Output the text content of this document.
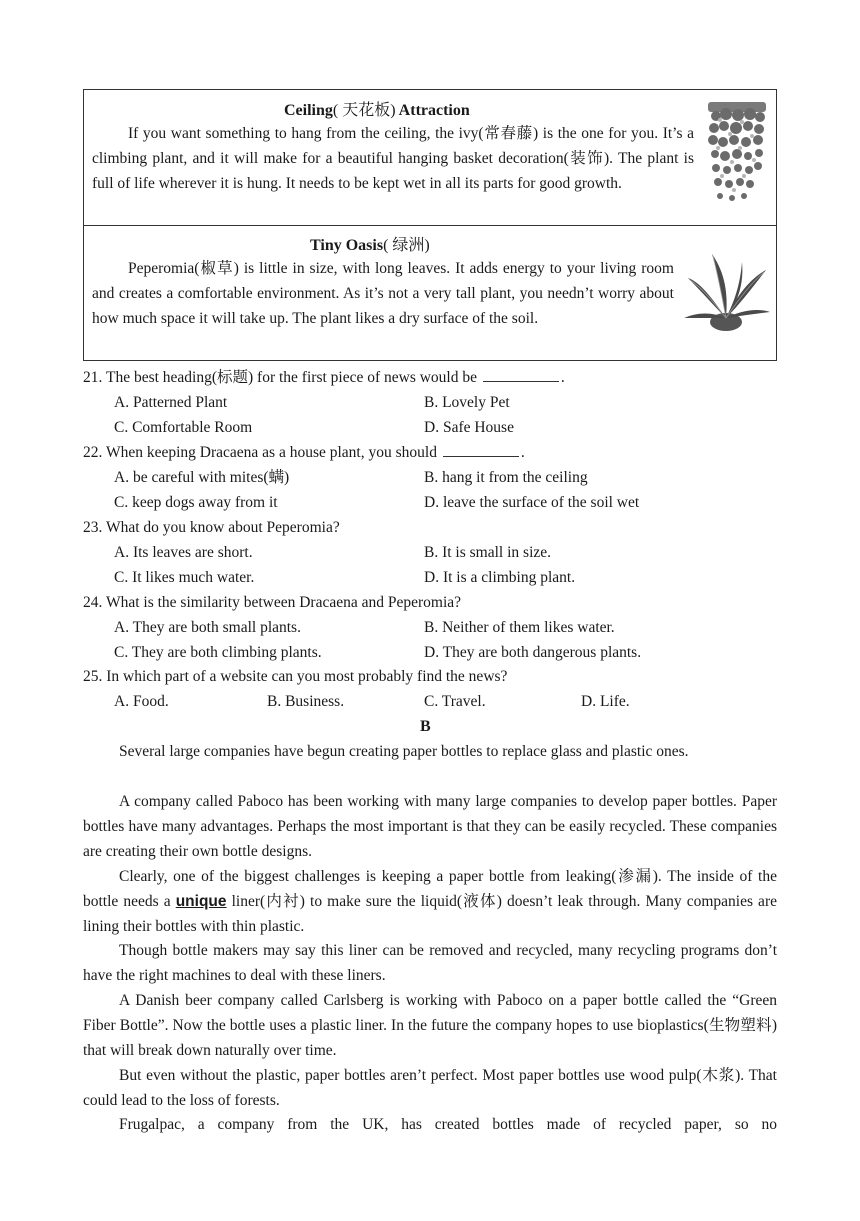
Ceiling( 天花板) Attraction
If you want something to hang from the ceiling, the ivy(常春藤) is the one for you. It’s a climbing plant, and it will make for a beautiful hanging basket decoration(装饰). The plant is full of life wherever it is hung. It needs to be kept wet in all its parts for good growth.
Tiny Oasis( 绿洲)
Peperomia(椒草) is little in size, with long leaves. It adds energy to your living room and creates a comfortable environment. As it’s not a very tall plant, you needn’t worry about how much space it will take up. The plant likes a dry surface of the soil.
21. The best heading(标题) for the first piece of news would be	.
A. Patterned Plant	B. Lovely Pet
C. Comfortable Room	D. Safe House
22. When keeping Dracaena as a house plant, you should	.
A. be careful with mites(螨)	B. hang it from the ceiling
C. keep dogs away from it	D. leave the surface of the soil wet
23. What do you know about Peperomia?
A. Its leaves are short.	B. It is small in size.
C. It likes much water.	D. It is a climbing plant.
24. What is the similarity between Dracaena and Peperomia?
A. They are both small plants.	B. Neither of them likes water.
C. They are both climbing plants.	D. They are both dangerous plants.
25. In which part of a website can you most probably find the news?
A. Food.	B. Business.	C. Travel.	D. Life.
B
Several large companies have begun creating paper bottles to replace glass and plastic ones.
A company called Paboco has been working with many large companies to develop paper bottles. Paper bottles have many advantages. Perhaps the most important is that they can be easily recycled. These companies are creating their own bottle designs.
Clearly, one of the biggest challenges is keeping a paper bottle from leaking(渗漏). The inside of the bottle needs a unique liner(内衬) to make sure the liquid(液体) doesn’t leak through. Many companies are lining their bottles with thin plastic.
Though bottle makers may say this liner can be removed and recycled, many recycling programs don’t have the right machines to deal with these liners.
A Danish beer company called Carlsberg is working with Paboco on a paper bottle called the “Green Fiber Bottle”. Now the bottle uses a plastic liner. In the future the company hopes to use bioplastics(生物塑料) that will break down naturally over time.
But even without the plastic, paper bottles aren’t perfect. Most paper bottles use wood pulp(木浆). That could lead to the loss of forests.
Frugalpac, a company from the UK, has created bottles made of recycled paper, so no
